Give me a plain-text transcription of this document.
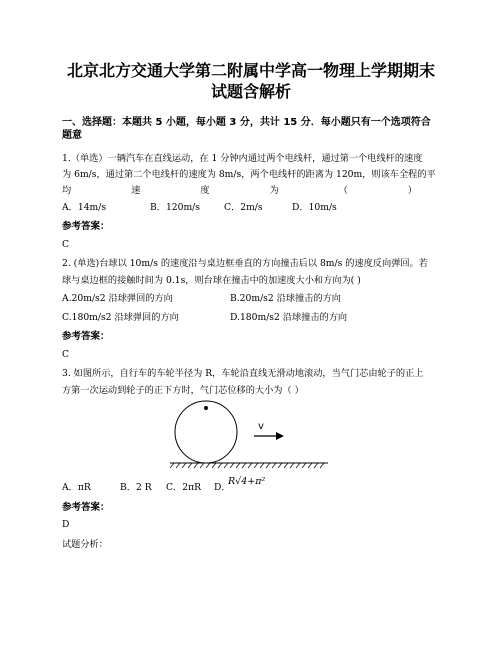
北京北方交通大学第二附属中学高一物理上学期期末
试题含解析
一、选择题：本题共 5 小题，每小题 3 分，共计 15 分．每小题只有一个选项符合
题意
1.（单选）一辆汽车在直线运动，在 1 分钟内通过两个电线杆，通过第一个电线杆的速度
为 6m/s，通过第二个电线杆的速度为 8m/s，两个电线杆的距离为 120m，则该车全程的平
均	速	度	为	（	）
A．14m/s	B．120m/s	C．2m/s	D．10m/s
参考答案：
C
2. (单选)台球以 10m/s 的速度沿与桌边框垂直的方向撞击后以 8m/s 的速度反向弹回。若
球与桌边框的接触时间为 0.1s，则台球在撞击中的加速度大小和方向为( )
A.20m/s2 沿球弹回的方向	B.20m/s2 沿球撞击的方向
C.180m/s2 沿球弹回的方向	D.180m/s2 沿球撞击的方向
参考答案：
C
3. 如图所示，自行车的车轮半径为 R，车轮沿直线无滑动地滚动，当气门芯由轮子的正上
方第一次运动到轮子的正下方时，气门芯位移的大小为（ ）
v
A．πR	B．2 R C．2πR D．
R√4+π²
参考答案：
D
试题分析：
